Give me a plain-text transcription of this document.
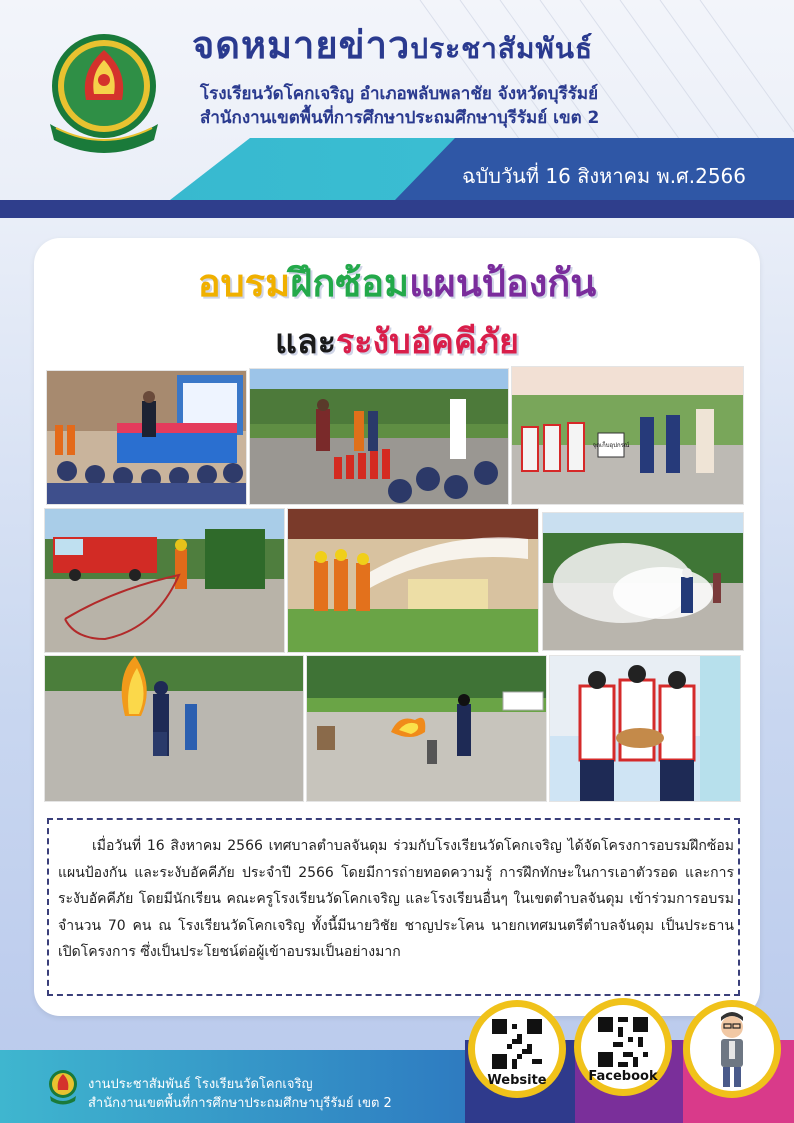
จดหมายข่าวประชาสัมพันธ์
โรงเรียนวัดโคกเจริญ อำเภอพลับพลาชัย จังหวัดบุรีรัมย์
สำนักงานเขตพื้นที่การศึกษาประถมศึกษาบุรีรัมย์ เขต 2
ฉบับวันที่ 16 สิงหาคม พ.ศ.2566
อบรมฝึกซ้อมแผนป้องกัน
และระงับอัคคีภัย
จุดเก็บอุปกรณ์
เมื่อวันที่ 16 สิงหาคม 2566 เทศบาลตำบลจันดุม ร่วมกับโรงเรียนวัดโคกเจริญ ได้จัดโครงการอบรมฝึกซ้อมแผนป้องกัน และระงับอัคคีภัย ประจำปี 2566 โดยมีการถ่ายทอดความรู้ การฝึกทักษะในการเอาตัวรอด และการระงับอัคคีภัย โดยมีนักเรียน คณะครูโรงเรียนวัดโคกเจริญ และโรงเรียนอื่นๆ ในเขตตำบลจันดุม เข้าร่วมการอบรม จำนวน 70 คน ณ โรงเรียนวัดโคกเจริญ ทั้งนี้มีนายวิชัย ชาญประโคน นายกเทศมนตรีตำบลจันดุม เป็นประธานเปิดโครงการ ซึ่งเป็นประโยชน์ต่อผู้เข้าอบรมเป็นอย่างมาก
งานประชาสัมพันธ์ โรงเรียนวัดโคกเจริญ
สำนักงานเขตพื้นที่การศึกษาประถมศึกษาบุรีรัมย์ เขต 2
Website	Facebook
